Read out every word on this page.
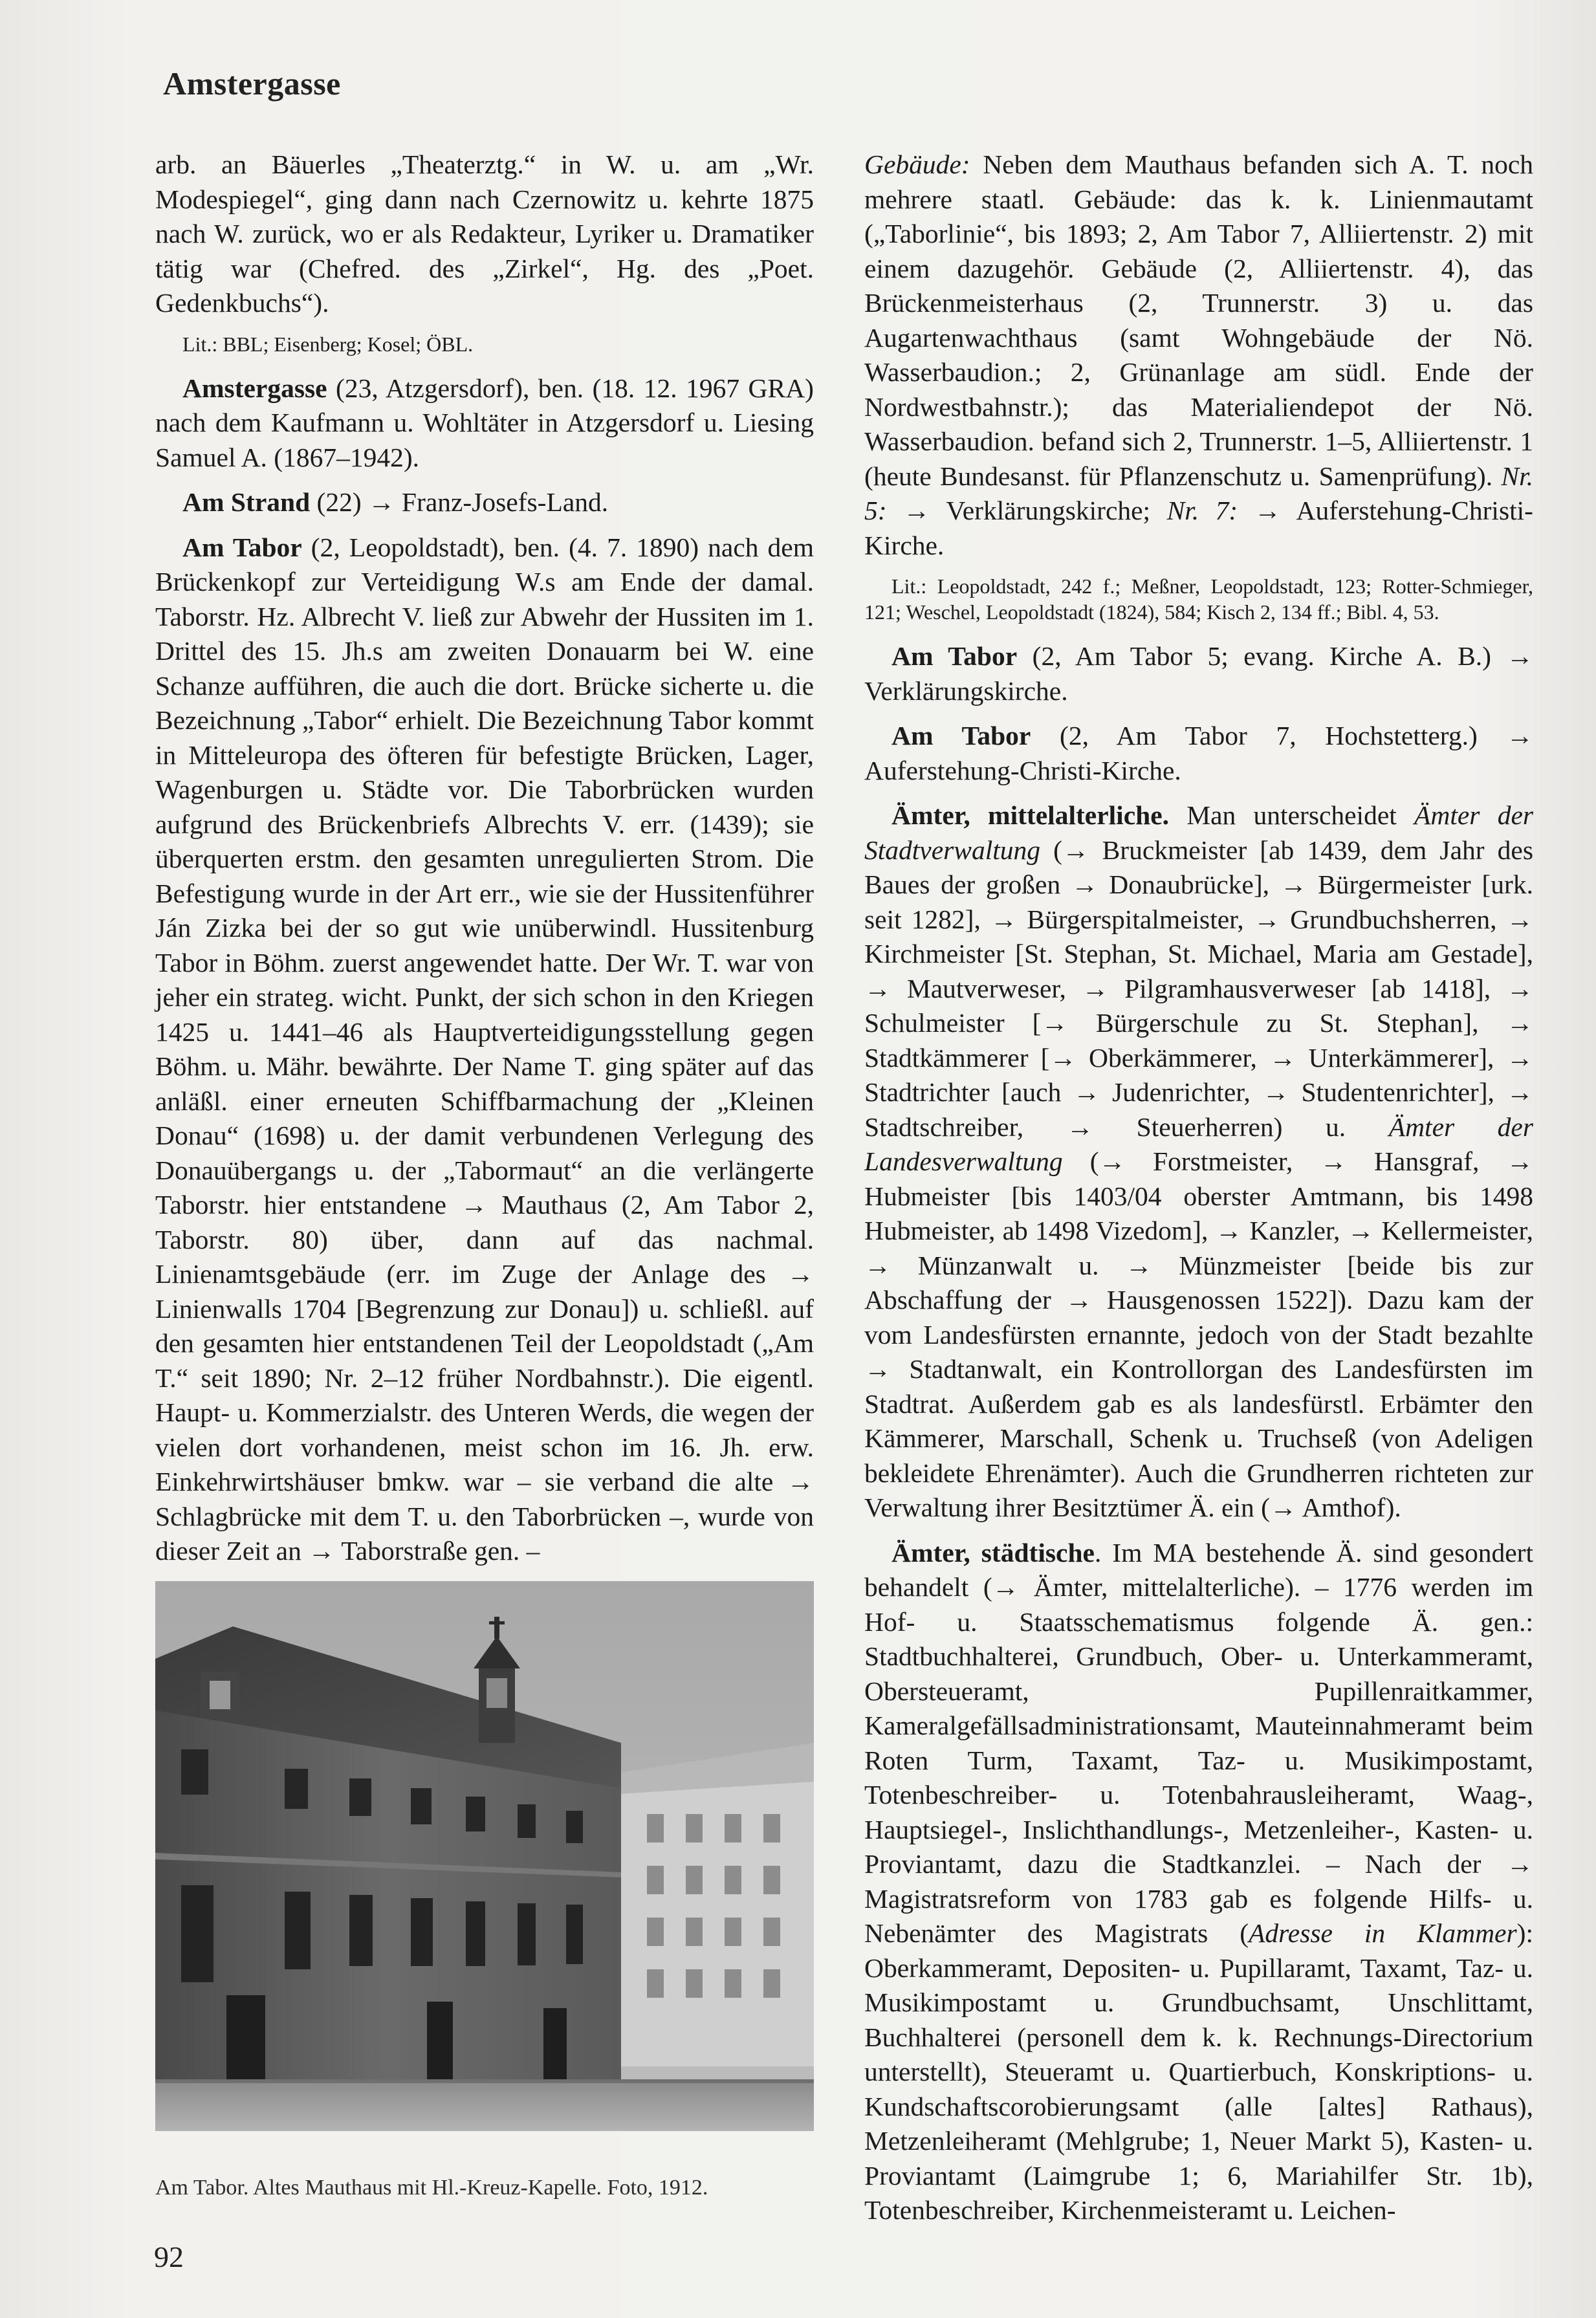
Amstergasse

arb. an Bäuerles „Theaterztg.“ in W. u. am „Wr. Modespiegel“, ging dann nach Czernowitz u. kehrte 1875 nach W. zurück, wo er als Redakteur, Lyriker u. Dramatiker tätig war (Chefred. des „Zirkel“, Hg. des „Poet. Gedenkbuchs“).

Lit.: BBL; Eisenberg; Kosel; ÖBL.

Amstergasse (23, Atzgersdorf), ben. (18. 12. 1967 GRA) nach dem Kaufmann u. Wohltäter in Atzgersdorf u. Liesing Samuel A. (1867–1942).

Am Strand (22) → Franz-Josefs-Land.

Am Tabor (2, Leopoldstadt), ben. (4. 7. 1890) nach dem Brückenkopf zur Verteidigung W.s am Ende der damal. Taborstr. Hz. Albrecht V. ließ zur Abwehr der Hussiten im 1. Drittel des 15. Jh.s am zweiten Donauarm bei W. eine Schanze aufführen, die auch die dort. Brücke sicherte u. die Bezeichnung „Tabor“ erhielt. Die Bezeichnung Tabor kommt in Mitteleuropa des öfteren für befestigte Brücken, Lager, Wagenburgen u. Städte vor. Die Taborbrücken wurden aufgrund des Brückenbriefs Albrechts V. err. (1439); sie überquerten erstm. den gesamten unregulierten Strom. Die Befestigung wurde in der Art err., wie sie der Hussitenführer Ján Zizka bei der so gut wie unüberwindl. Hussitenburg Tabor in Böhm. zuerst angewendet hatte. Der Wr. T. war von jeher ein strateg. wicht. Punkt, der sich schon in den Kriegen 1425 u. 1441–46 als Hauptverteidigungsstellung gegen Böhm. u. Mähr. bewährte. Der Name T. ging später auf das anläßl. einer erneuten Schiffbarmachung der „Kleinen Donau“ (1698) u. der damit verbundenen Verlegung des Donauübergangs u. der „Tabormaut“ an die verlängerte Taborstr. hier entstandene → Mauthaus (2, Am Tabor 2, Taborstr. 80) über, dann auf das nachmal. Linienamtsgebäude (err. im Zuge der Anlage des → Linienwalls 1704 [Begrenzung zur Donau]) u. schließl. auf den gesamten hier entstandenen Teil der Leopoldstadt („Am T.“ seit 1890; Nr. 2–12 früher Nordbahnstr.). Die eigentl. Haupt- u. Kommerzialstr. des Unteren Werds, die wegen der vielen dort vorhandenen, meist schon im 16. Jh. erw. Einkehrwirtshäuser bmkw. war – sie verband die alte → Schlagbrücke mit dem T. u. den Taborbrücken –, wurde von dieser Zeit an → Taborstraße gen. –

Am Tabor. Altes Mauthaus mit Hl.-Kreuz-Kapelle. Foto, 1912.

Gebäude: Neben dem Mauthaus befanden sich A. T. noch mehrere staatl. Gebäude: das k. k. Linienmautamt („Taborlinie“, bis 1893; 2, Am Tabor 7, Alliiertenstr. 2) mit einem dazugehör. Gebäude (2, Alliiertenstr. 4), das Brückenmeisterhaus (2, Trunnerstr. 3) u. das Augartenwachthaus (samt Wohngebäude der Nö. Wasserbaudion.; 2, Grünanlage am südl. Ende der Nordwestbahnstr.); das Materialiendepot der Nö. Wasserbaudion. befand sich 2, Trunnerstr. 1–5, Alliiertenstr. 1 (heute Bundesanst. für Pflanzenschutz u. Samenprüfung). Nr. 5: → Verklärungskirche; Nr. 7: → Auferstehung-Christi-Kirche.

Lit.: Leopoldstadt, 242 f.; Meßner, Leopoldstadt, 123; Rotter-Schmieger, 121; Weschel, Leopoldstadt (1824), 584; Kisch 2, 134 ff.; Bibl. 4, 53.

Am Tabor (2, Am Tabor 5; evang. Kirche A. B.) → Verklärungskirche.

Am Tabor (2, Am Tabor 7, Hochstetterg.) → Auferstehung-Christi-Kirche.

Ämter, mittelalterliche. Man unterscheidet Ämter der Stadtverwaltung (→ Bruckmeister [ab 1439, dem Jahr des Baues der großen → Donaubrücke], → Bürgermeister [urk. seit 1282], → Bürgerspitalmeister, → Grundbuchsherren, → Kirchmeister [St. Stephan, St. Michael, Maria am Gestade], → Mautverweser, → Pilgramhausverweser [ab 1418], → Schulmeister [→ Bürgerschule zu St. Stephan], → Stadtkämmerer [→ Oberkämmerer, → Unterkämmerer], → Stadtrichter [auch → Judenrichter, → Studentenrichter], → Stadtschreiber, → Steuerherren) u. Ämter der Landesverwaltung (→ Forstmeister, → Hansgraf, → Hubmeister [bis 1403/04 oberster Amtmann, bis 1498 Hubmeister, ab 1498 Vizedom], → Kanzler, → Kellermeister, → Münzanwalt u. → Münzmeister [beide bis zur Abschaffung der → Hausgenossen 1522]). Dazu kam der vom Landesfürsten ernannte, jedoch von der Stadt bezahlte → Stadtanwalt, ein Kontrollorgan des Landesfürsten im Stadtrat. Außerdem gab es als landesfürstl. Erbämter den Kämmerer, Marschall, Schenk u. Truchseß (von Adeligen bekleidete Ehrenämter). Auch die Grundherren richteten zur Verwaltung ihrer Besitztümer Ä. ein (→ Amthof).

Ämter, städtische. Im MA bestehende Ä. sind gesondert behandelt (→ Ämter, mittelalterliche). – 1776 werden im Hof- u. Staatsschematismus folgende Ä. gen.: Stadtbuchhalterei, Grundbuch, Ober- u. Unterkammeramt, Obersteueramt, Pupillenraitkammer, Kameralgefällsadministrationsamt, Mauteinnahmeramt beim Roten Turm, Taxamt, Taz- u. Musikimpostamt, Totenbeschreiber- u. Totenbahrausleiheramt, Waag-, Hauptsiegel-, Inslichthandlungs-, Metzenleiher-, Kasten- u. Proviantamt, dazu die Stadtkanzlei. – Nach der → Magistratsreform von 1783 gab es folgende Hilfs- u. Nebenämter des Magistrats (Adresse in Klammer): Oberkammeramt, Depositen- u. Pupillaramt, Taxamt, Taz- u. Musikimpostamt u. Grundbuchsamt, Unschlittamt, Buchhalterei (personell dem k. k. Rechnungs-Directorium unterstellt), Steueramt u. Quartierbuch, Konskriptions- u. Kundschaftscorobierungsamt (alle [altes] Rathaus), Metzenleiheramt (Mehlgrube; 1, Neuer Markt 5), Kasten- u. Proviantamt (Laimgrube 1; 6, Mariahilfer Str. 1b), Totenbeschreiber, Kirchenmeisteramt u. Leichen-

92
